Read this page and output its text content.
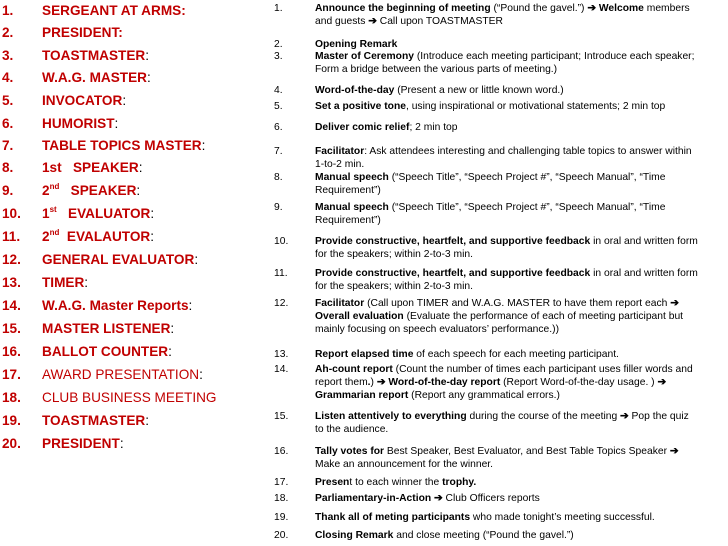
1. SERGEANT AT ARMS:
2. PRESIDENT:
3. TOASTMASTER:
4. W.A.G. MASTER:
5. INVOCATOR:
6. HUMORIST:
7. TABLE TOPICS MASTER:
8. 1st   SPEAKER:
9. 2nd   SPEAKER:
10. 1st   EVALUATOR:
11. 2nd  EVALAUTOR:
12. GENERAL EVALUATOR:
13. TIMER:
14. W.A.G. Master Reports:
15. MASTER LISTENER:
16. BALLOT COUNTER:
17. AWARD PRESENTATION:
18. CLUB BUSINESS MEETING
19. TOASTMASTER:
20. PRESIDENT:
1.	Announce the beginning of meeting (“Pound the gavel.”) ➔ Welcome members
and guests ➔ Call upon TOASTMASTER
2.	Opening Remark
3.	Master of Ceremony (Introduce each meeting participant; Introduce each speaker;
Form a bridge between the various parts of meeting.)
4.	Word-of-the-day (Present a new or little known word.)
5.	Set a positive tone, using inspirational or motivational statements; 2 min top
6.	Deliver comic relief; 2 min top
7.	Facilitator: Ask attendees interesting and challenging table topics to answer within
1-to-2 min.
8.	Manual speech (“Speech Title”, “Speech Project #”, “Speech Manual”, “Time
Requirement”)
9.	Manual speech (“Speech Title”, “Speech Project #”, “Speech Manual”, “Time
Requirement”)
10.	Provide constructive, heartfelt, and supportive feedback in oral and written form
for the speakers; within 2-to-3 min.
11.	Provide constructive, heartfelt, and supportive feedback in oral and written form
for the speakers; within 2-to-3 min.
12.	Facilitator (Call upon TIMER and W.A.G. MASTER to have them report each ➔
Overall evaluation (Evaluate the performance of each of meeting participant but
mainly focusing on speech evaluators’ performance.))
13.	Report elapsed time of each speech for each meeting participant.
14.	Ah-count report (Count the number of times each participant uses filler words and
report them.) ➔ Word-of-the-day report (Report Word-of-the-day usage. ) ➔
Grammarian report (Report any grammatical errors.)
15.	Listen attentively to everything during the course of the meeting ➔ Pop the quiz
to the audience.
16.	Tally votes for Best Speaker, Best Evaluator, and Best Table Topics Speaker ➔
Make an announcement for the winner.
17.	Present to each winner the trophy.
18.	Parliamentary-in-Action ➔ Club Officers reports
19.	Thank all of meting participants who made tonight’s meeting successful.
20.	Closing Remark and close meeting (“Pound the gavel.”)
